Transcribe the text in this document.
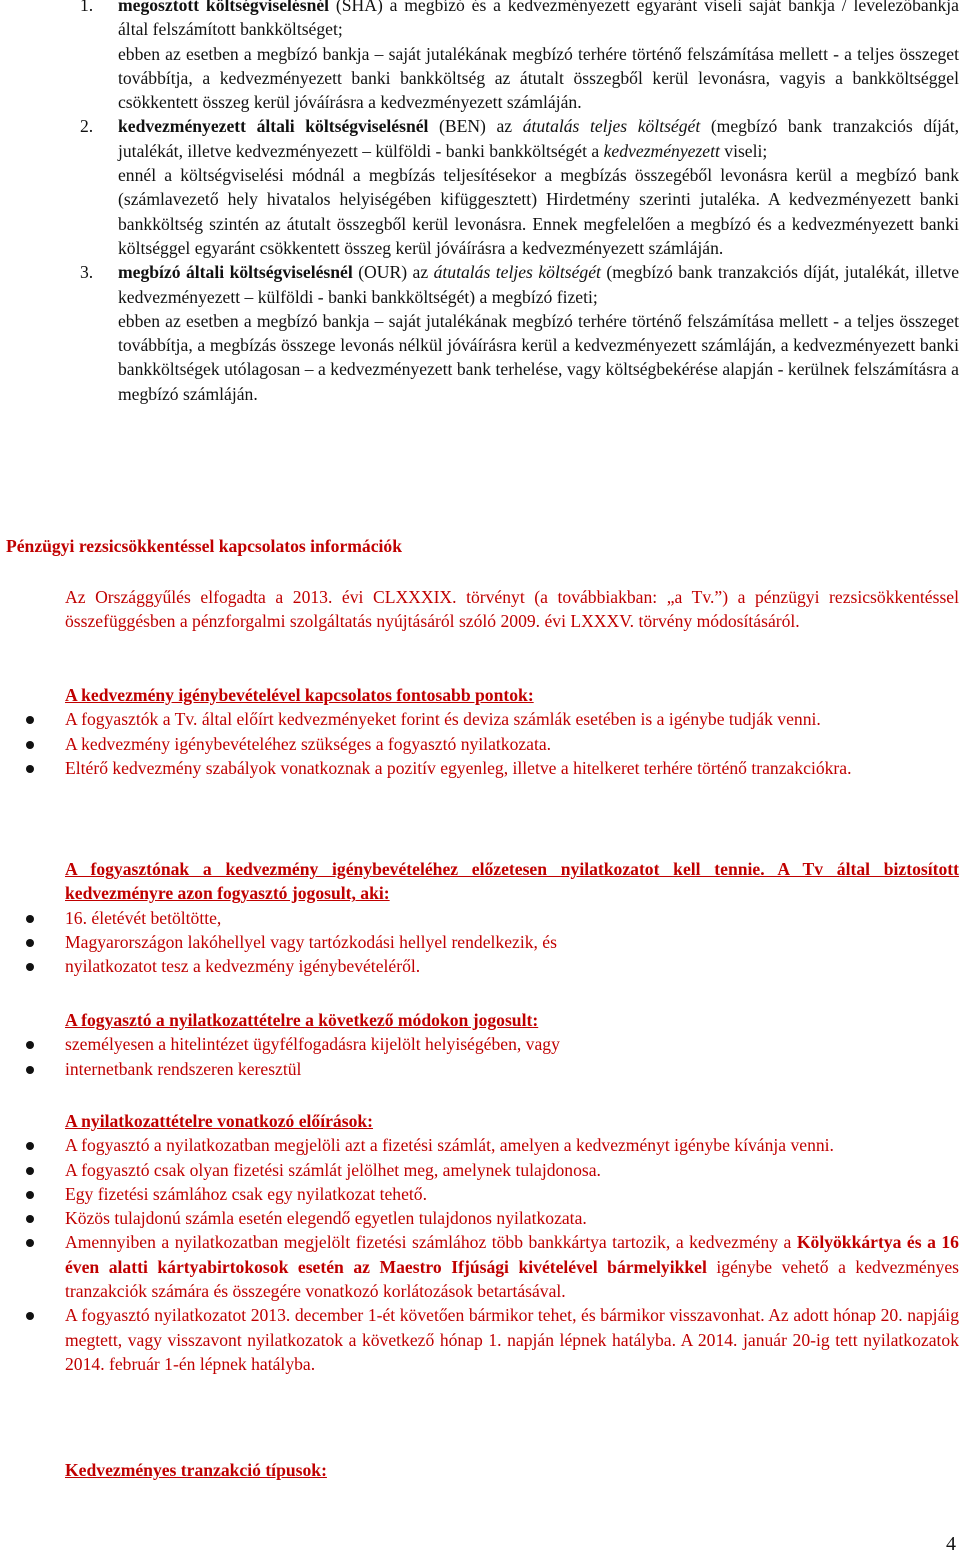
1. megosztott költségviselésnél (SHA) a megbízó és a kedvezményezett egyaránt viseli saját bankja / levelezőbankja által felszámított bankköltséget;

ebben az esetben a megbízó bankja – saját jutalékának megbízó terhére történő felszámítása mellett - a teljes összeget továbbítja, a kedvezményezett banki bankköltség az átutalt összegből kerül levonásra, vagyis a bankköltséggel csökkentett összeg kerül jóváírásra a kedvezményezett számláján.

2. kedvezményezett általi költségviselésnél (BEN) az átutalás teljes költségét (megbízó bank tranzakciós díját, jutalékát, illetve kedvezményezett – külföldi - banki bankköltségét a kedvezményezett viseli;

ennél a költségviselési módnál a megbízás teljesítésekor a megbízás összegéből levonásra kerül a megbízó bank (számlavezető hely hivatalos helyiségében kifüggesztett) Hirdetmény szerinti jutaléka. A kedvezményezett banki bankköltség szintén az átutalt összegből kerül levonásra. Ennek megfelelően a megbízó és a kedvezményezett banki költséggel egyaránt csökkentett összeg kerül jóváírásra a kedvezményezett számláján.

3. megbízó általi költségviselésnél (OUR) az átutalás teljes költségét (megbízó bank tranzakciós díját, jutalékát, illetve kedvezményezett – külföldi - banki bankköltségét) a megbízó fizeti;

ebben az esetben a megbízó bankja – saját jutalékának megbízó terhére történő felszámítása mellett - a teljes összeget továbbítja, a megbízás összege levonás nélkül jóváírásra kerül a kedvezményezett számláján, a kedvezményezett banki bankköltségek utólagosan – a kedvezményezett bank terhelése, vagy költségbekérése alapján - kerülnek felszámításra a megbízó számláján.

Pénzügyi rezsicsökkentéssel kapcsolatos információk
Az Országgyűlés elfogadta a 2013. évi CLXXXIX. törvényt (a továbbiakban: „a Tv.”) a pénzügyi rezsicsökkentéssel összefüggésben a pénzforgalmi szolgáltatás nyújtásáról szóló 2009. évi LXXXV. törvény módosításáról.
A kedvezmény igénybevételével kapcsolatos fontosabb pontok:
A fogyasztók a Tv. által előírt kedvezményeket forint és deviza számlák esetében is a igénybe tudják venni.
A kedvezmény igénybevételéhez szükséges a fogyasztó nyilatkozata.
Eltérő kedvezmény szabályok vonatkoznak a pozitív egyenleg, illetve a hitelkeret terhére történő tranzakciókra.
A fogyasztónak a kedvezmény igénybevételéhez előzetesen nyilatkozatot kell tennie. A Tv által biztosított kedvezményre azon fogyasztó jogosult, aki:
16. életévét betöltötte,
Magyarországon lakóhellyel vagy tartózkodási hellyel rendelkezik, és
nyilatkozatot tesz a kedvezmény igénybevételéről.
A fogyasztó a nyilatkozattételre a következő módokon jogosult:
személyesen a hitelintézet ügyfélfogadásra kijelölt helyiségében, vagy
internetbank rendszeren keresztül
A nyilatkozattételre vonatkozó előírások:
A fogyasztó a nyilatkozatban megjelöli azt a fizetési számlát, amelyen a kedvezményt igénybe kívánja venni.
A fogyasztó csak olyan fizetési számlát jelölhet meg, amelynek tulajdonosa.
Egy fizetési számlához csak egy nyilatkozat tehető.
Közös tulajdonú számla esetén elegendő egyetlen tulajdonos nyilatkozata.
Amennyiben a nyilatkozatban megjelölt fizetési számlához több bankkártya tartozik, a kedvezmény a Kölyökkártya és a 16 éven alatti kártyabirtokosok esetén az Maestro Ifjúsági kivételével bármelyikkel igénybe vehető a kedvezményes tranzakciók számára és összegére vonatkozó korlátozások betartásával.
A fogyasztó nyilatkozatot 2013. december 1-ét követően bármikor tehet, és bármikor visszavonhat. Az adott hónap 20. napjáig megtett, vagy visszavont nyilatkozatok a következő hónap 1. napján lépnek hatályba. A 2014. január 20-ig tett nyilatkozatok 2014. február 1-én lépnek hatályba.
Kedvezményes tranzakció típusok:
4
